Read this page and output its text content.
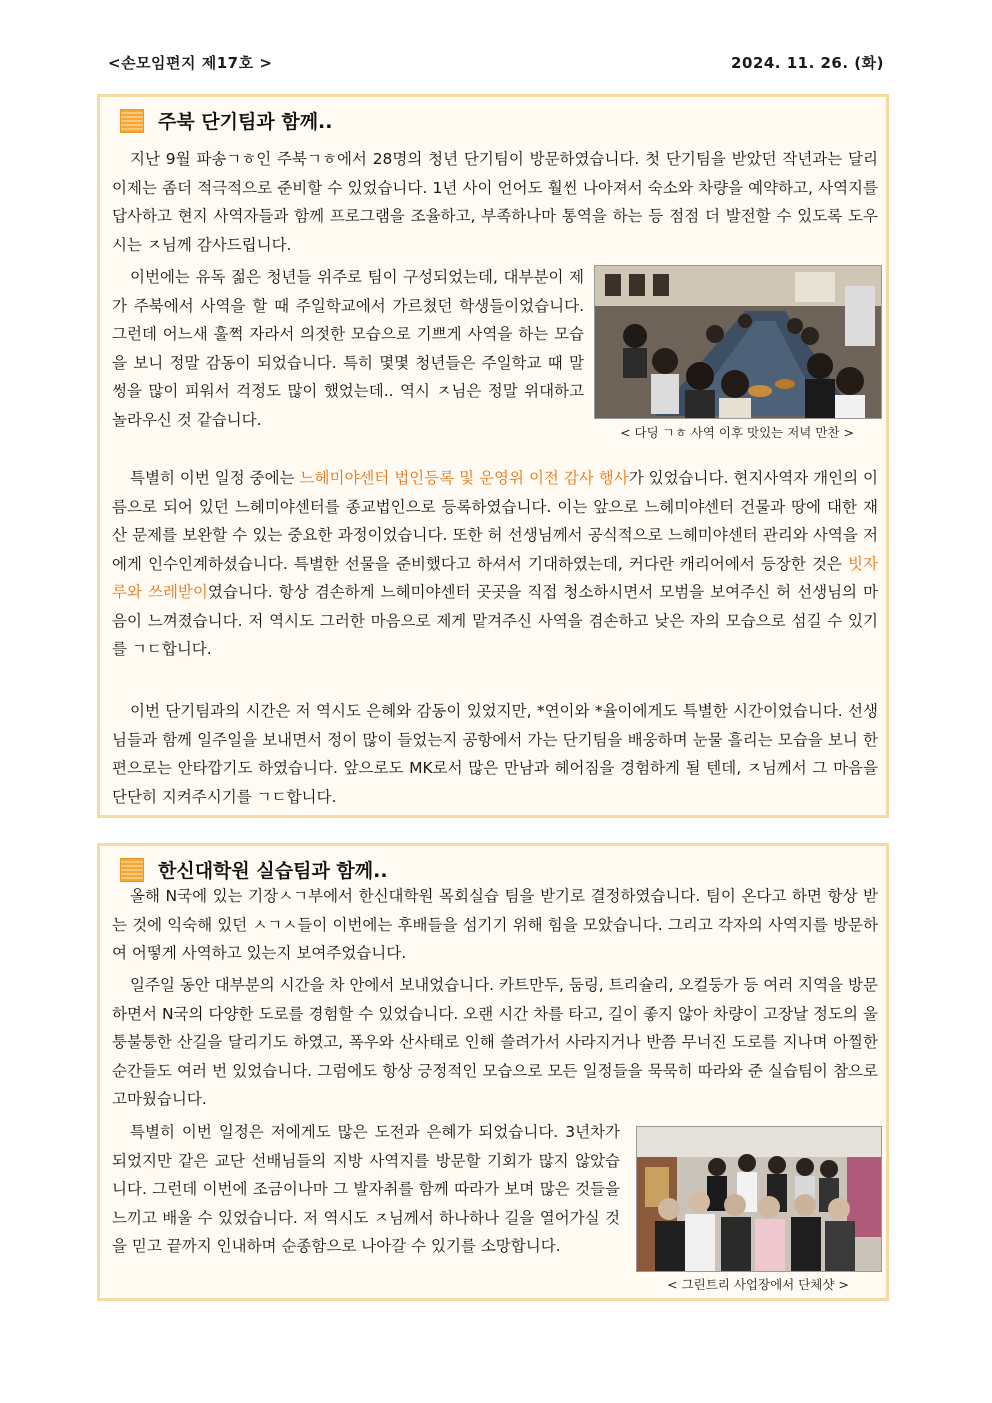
<손모임편지 제17호 >	2024. 11. 26. (화)
주북 단기팀과 함께..

지난 9월 파송ㄱㅎ인 주북ㄱㅎ에서 28명의 청년 단기팀이 방문하였습니다. 첫 단기팀을 받았던 작년과는 달리 이제는 좀더 적극적으로 준비할 수 있었습니다. 1년 사이 언어도 훨씬 나아져서 숙소와 차량을 예약하고, 사역지를 답사하고 현지 사역자들과 함께 프로그램을 조율하고, 부족하나마 통역을 하는 등 점점 더 발전할 수 있도록 도우시는 ㅈ님께 감사드립니다.

이번에는 유독 젊은 청년들 위주로 팀이 구성되었는데, 대부분이 제가 주북에서 사역을 할 때 주일학교에서 가르쳤던 학생들이었습니다. 그런데 어느새 훌쩍 자라서 의젓한 모습으로 기쁘게 사역을 하는 모습을 보니 정말 감동이 되었습니다. 특히 몇몇 청년들은 주일학교 때 말썽을 많이 피워서 걱정도 많이 했었는데.. 역시 ㅈ님은 정말 위대하고 놀라우신 것 같습니다.

< 다딩 ㄱㅎ 사역 이후 맛있는 저녁 만찬 >

특별히 이번 일정 중에는 느헤미야센터 법인등록 및 운영위 이전 감사 행사가 있었습니다. 현지사역자 개인의 이름으로 되어 있던 느헤미야센터를 종교법인으로 등록하였습니다. 이는 앞으로 느헤미야센터 건물과 땅에 대한 재산 문제를 보완할 수 있는 중요한 과정이었습니다. 또한 허 선생님께서 공식적으로 느헤미야센터 관리와 사역을 저에게 인수인계하셨습니다. 특별한 선물을 준비했다고 하셔서 기대하였는데, 커다란 캐리어에서 등장한 것은 빗자루와 쓰레받이였습니다. 항상 겸손하게 느헤미야센터 곳곳을 직접 청소하시면서 모범을 보여주신 허 선생님의 마음이 느껴졌습니다. 저 역시도 그러한 마음으로 제게 맡겨주신 사역을 겸손하고 낮은 자의 모습으로 섬길 수 있기를 ㄱㄷ합니다.

이번 단기팀과의 시간은 저 역시도 은혜와 감동이 있었지만, *연이와 *율이에게도 특별한 시간이었습니다. 선생님들과 함께 일주일을 보내면서 정이 많이 들었는지 공항에서 가는 단기팀을 배웅하며 눈물 흘리는 모습을 보니 한편으로는 안타깝기도 하였습니다. 앞으로도 MK로서 많은 만남과 헤어짐을 경험하게 될 텐데, ㅈ님께서 그 마음을 단단히 지켜주시기를 ㄱㄷ합니다.

한신대학원 실습팀과 함께..

올해 N국에 있는 기장ㅅㄱ부에서 한신대학원 목회실습 팀을 받기로 결정하였습니다. 팀이 온다고 하면 항상 받는 것에 익숙해 있던 ㅅㄱㅅ들이 이번에는 후배들을 섬기기 위해 힘을 모았습니다. 그리고 각자의 사역지를 방문하여 어떻게 사역하고 있는지 보여주었습니다.

일주일 동안 대부분의 시간을 차 안에서 보내었습니다. 카트만두, 둠링, 트리슐리, 오컬둥가 등 여러 지역을 방문하면서 N국의 다양한 도로를 경험할 수 있었습니다. 오랜 시간 차를 타고, 길이 좋지 않아 차량이 고장날 정도의 울퉁불퉁한 산길을 달리기도 하였고, 폭우와 산사태로 인해 쓸려가서 사라지거나 반쯤 무너진 도로를 지나며 아찔한 순간들도 여러 번 있었습니다. 그럼에도 항상 긍정적인 모습으로 모든 일정들을 묵묵히 따라와 준 실습팀이 참으로 고마웠습니다.

특별히 이번 일정은 저에게도 많은 도전과 은혜가 되었습니다. 3년차가 되었지만 같은 교단 선배님들의 지방 사역지를 방문할 기회가 많지 않았습니다. 그런데 이번에 조금이나마 그 발자취를 함께 따라가 보며 많은 것들을 느끼고 배울 수 있었습니다. 저 역시도 ㅈ님께서 하나하나 길을 열어가실 것을 믿고 끝까지 인내하며 순종함으로 나아갈 수 있기를 소망합니다.

< 그린트리 사업장에서 단체샷 >
